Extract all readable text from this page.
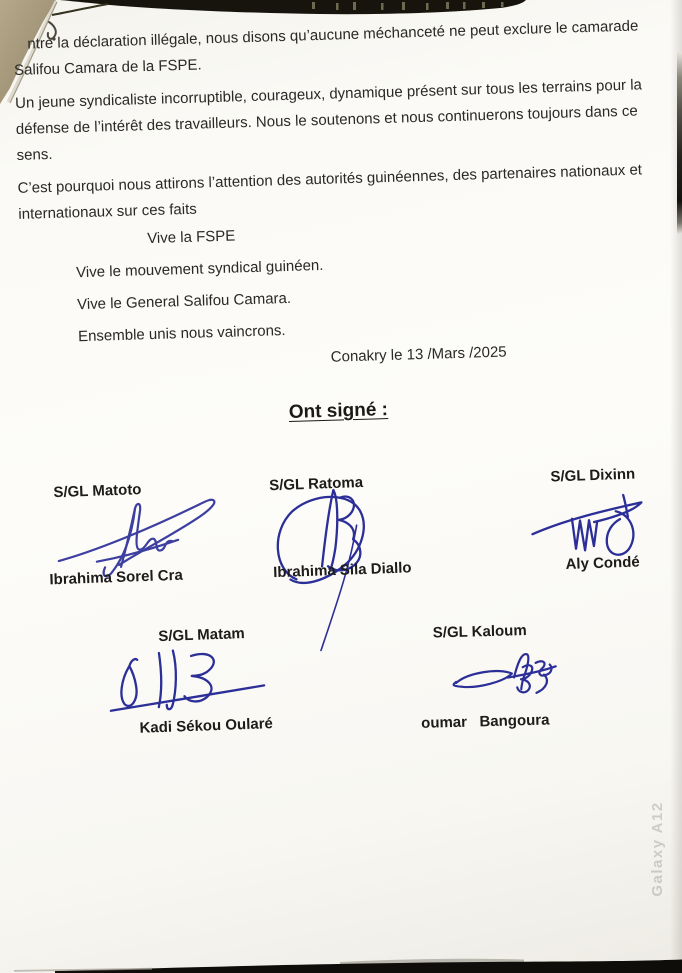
ntre la déclaration illégale, nous disons qu’aucune méchanceté ne peut exclure le camarade
Salifou Camara de la FSPE.

Un jeune syndicaliste incorruptible, courageux, dynamique présent sur tous les terrains pour la
défense de l’intérêt des travailleurs. Nous le soutenons et nous continuerons toujours dans ce
sens.

C’est pourquoi nous attirons l’attention des autorités guinéennes, des partenaires nationaux et
internationaux sur ces faits

Vive la FSPE
Vive le mouvement syndical guinéen.
Vive le General Salifou Camara.
Ensemble unis nous vaincrons.
Conakry le 13 /Mars /2025
Ont signé :
S/GL Matoto
Ibrahima Sorel Cra
S/GL Ratoma
Ibrahima Sila Diallo
S/GL Dixinn
Aly Condé
S/GL Matam
Kadi Sékou Oularé
S/GL Kaloum
oumar   Bangoura
Galaxy A12
